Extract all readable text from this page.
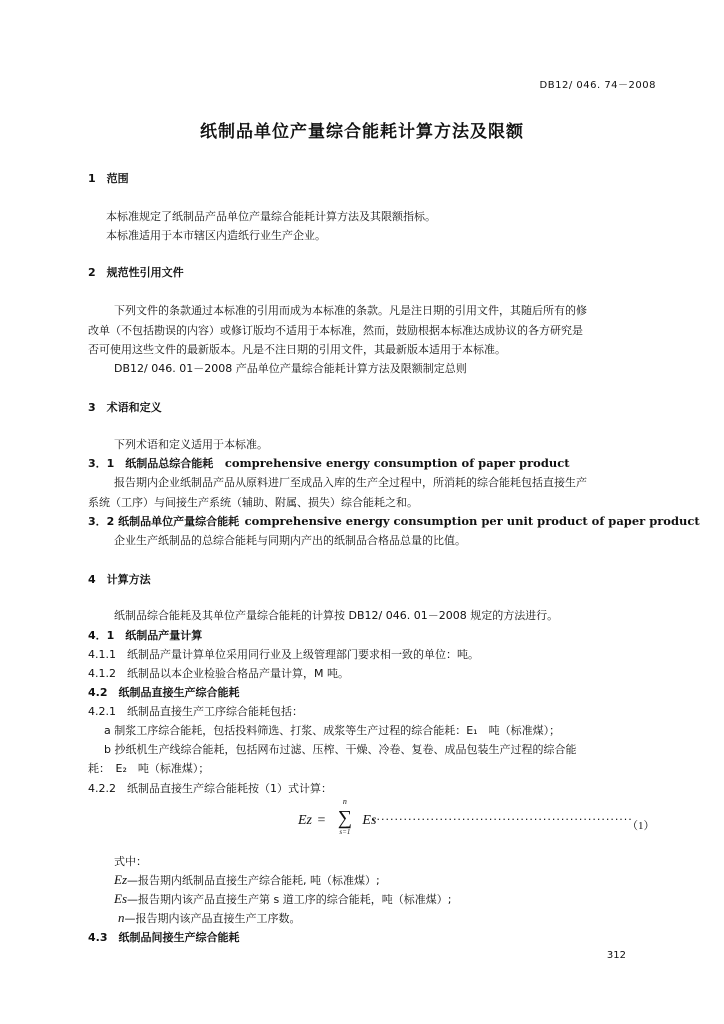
DB12/ 046. 74－2008
纸制品单位产量综合能耗计算方法及限额
1　范围
本标准规定了纸制品产品单位产量综合能耗计算方法及其限额指标。
本标准适用于本市辖区内造纸行业生产企业。
2　规范性引用文件
下列文件的条款通过本标准的引用而成为本标准的条款。凡是注日期的引用文件，其随后所有的修
改单（不包括勘误的内容）或修订版均不适用于本标准，然而，鼓励根据本标准达成协议的各方研究是
否可使用这些文件的最新版本。凡是不注日期的引用文件，其最新版本适用于本标准。
DB12/ 046. 01－2008 产品单位产量综合能耗计算方法及限额制定总则
3　术语和定义
下列术语和定义适用于本标准。
3．1　纸制品总综合能耗 comprehensive energy consumption of paper product
报告期内企业纸制品产品从原料进厂至成品入库的生产全过程中，所消耗的综合能耗包括直接生产
系统（工序）与间接生产系统（辅助、附属、损失）综合能耗之和。
3．2 纸制品单位产量综合能耗 comprehensive energy consumption per unit product of paper product
企业生产纸制品的总综合能耗与同期内产出的纸制品合格品总量的比值。
4　计算方法
纸制品综合能耗及其单位产量综合能耗的计算按 DB12/ 046. 01－2008 规定的方法进行。
4．1　纸制品产量计算
4.1.1　纸制品产量计算单位采用同行业及上级管理部门要求相一致的单位：吨。
4.1.2　纸制品以本企业检验合格品产量计算，M 吨。
4.2　纸制品直接生产综合能耗
4.2.1　纸制品直接生产工序综合能耗包括：
a 制浆工序综合能耗，包括投料筛选、打浆、成浆等生产过程的综合能耗：E₁　吨（标准煤）；
b 抄纸机生产线综合能耗，包括网布过滤、压榨、干燥、冷卷、复卷、成品包装生产过程的综合能
耗：　E₂　吨（标准煤）；
4.2.2　纸制品直接生产综合能耗按（1）式计算：
Ez =
n
∑
s=1
Es
··························································
（1）
式中：
Ez—报告期内纸制品直接生产综合能耗, 吨（标准煤）;
Es—报告期内该产品直接生产第 s 道工序的综合能耗，吨（标准煤）;
n—报告期内该产品直接生产工序数。
4.3　纸制品间接生产综合能耗
312
